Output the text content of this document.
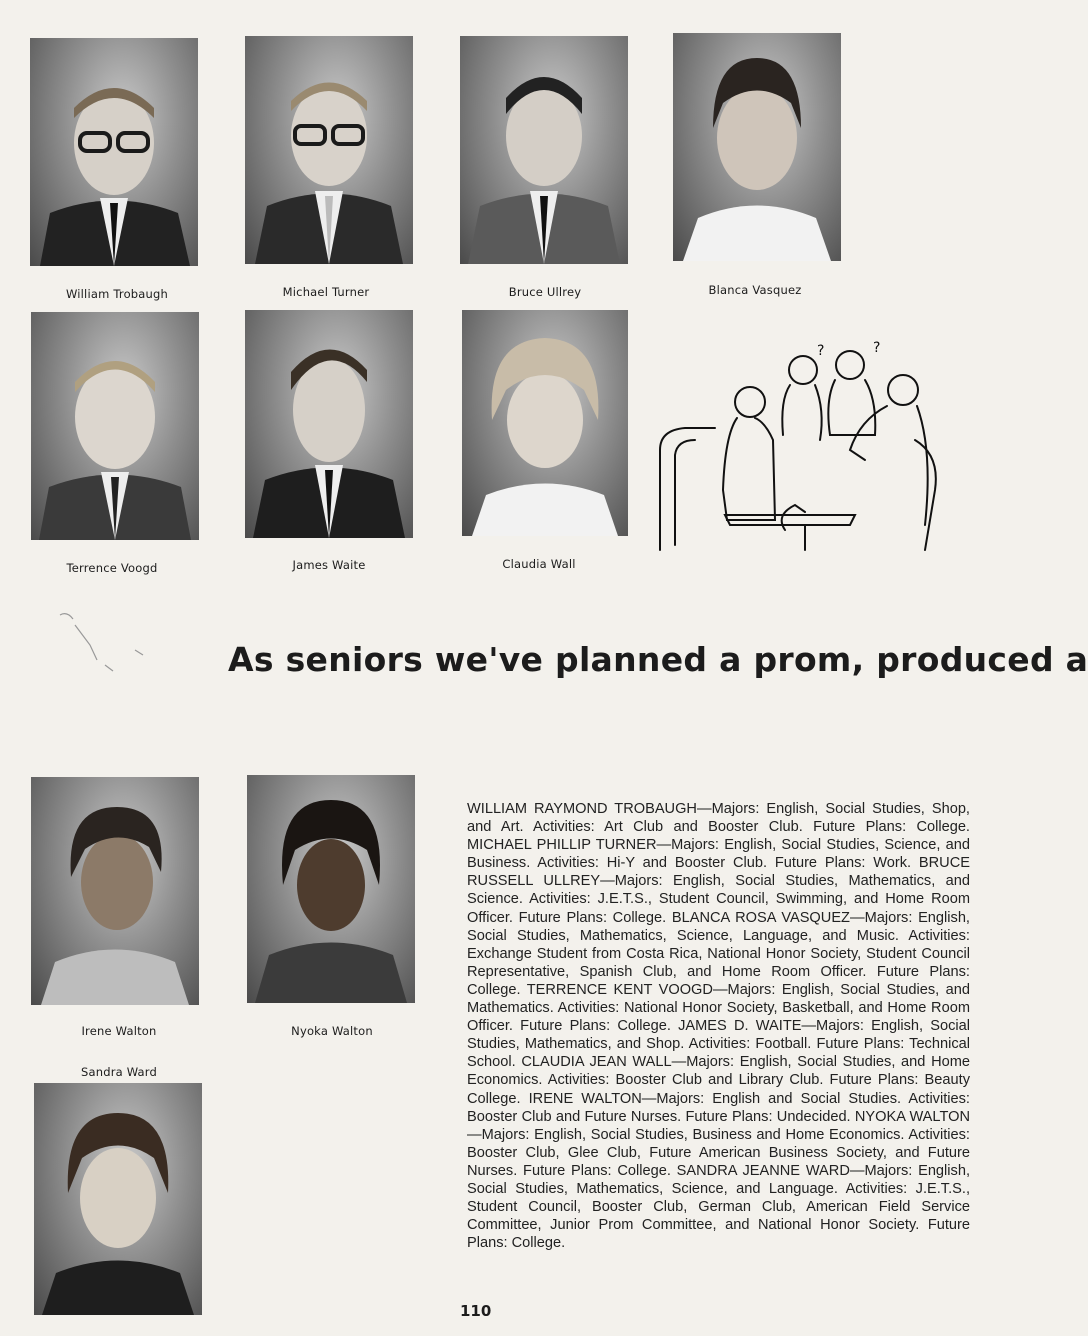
William Trobaugh	Michael Turner	Bruce Ullrey	Blanca Vasquez
Terrence Voogd	James Waite	Claudia Wall
?	?
As seniors we've planned a prom, produced a
Irene Walton	Nyoka Walton
Sandra Ward
WILLIAM RAYMOND TROBAUGH—Majors: English, Social Studies, Shop, and Art. Activities: Art Club and Booster Club. Future Plans: College. MICHAEL PHILLIP TURNER—Majors: English, Social Studies, Science, and Business. Activities: Hi-Y and Booster Club. Future Plans: Work. BRUCE RUSSELL ULLREY—Majors: English, Social Studies, Mathematics, and Science. Activities: J.E.T.S., Student Council, Swimming, and Home Room Officer. Future Plans: College. BLANCA ROSA VASQUEZ—Majors: English, Social Studies, Mathematics, Science, Language, and Music. Activities: Exchange Student from Costa Rica, National Honor Society, Student Council Representative, Spanish Club, and Home Room Officer. Future Plans: College. TERRENCE KENT VOOGD—Majors: English, Social Studies, and Mathematics. Activities: National Honor Society, Basketball, and Home Room Officer. Future Plans: College. JAMES D. WAITE—Majors: English, Social Studies, Mathematics, and Shop. Activities: Football. Future Plans: Technical School. CLAUDIA JEAN WALL—Majors: English, Social Studies, and Home Economics. Activities: Booster Club and Library Club. Future Plans: Beauty College. IRENE WALTON—Majors: English and Social Studies. Activities: Booster Club and Future Nurses. Future Plans: Undecided. NYOKA WALTON—Majors: English, Social Studies, Business and Home Economics. Activities: Booster Club, Glee Club, Future American Business Society, and Future Nurses. Future Plans: College. SANDRA JEANNE WARD—Majors: English, Social Studies, Mathematics, Science, and Language. Activities: J.E.T.S., Student Council, Booster Club, German Club, American Field Service Committee, Junior Prom Committee, and National Honor Society. Future Plans: College.
110
